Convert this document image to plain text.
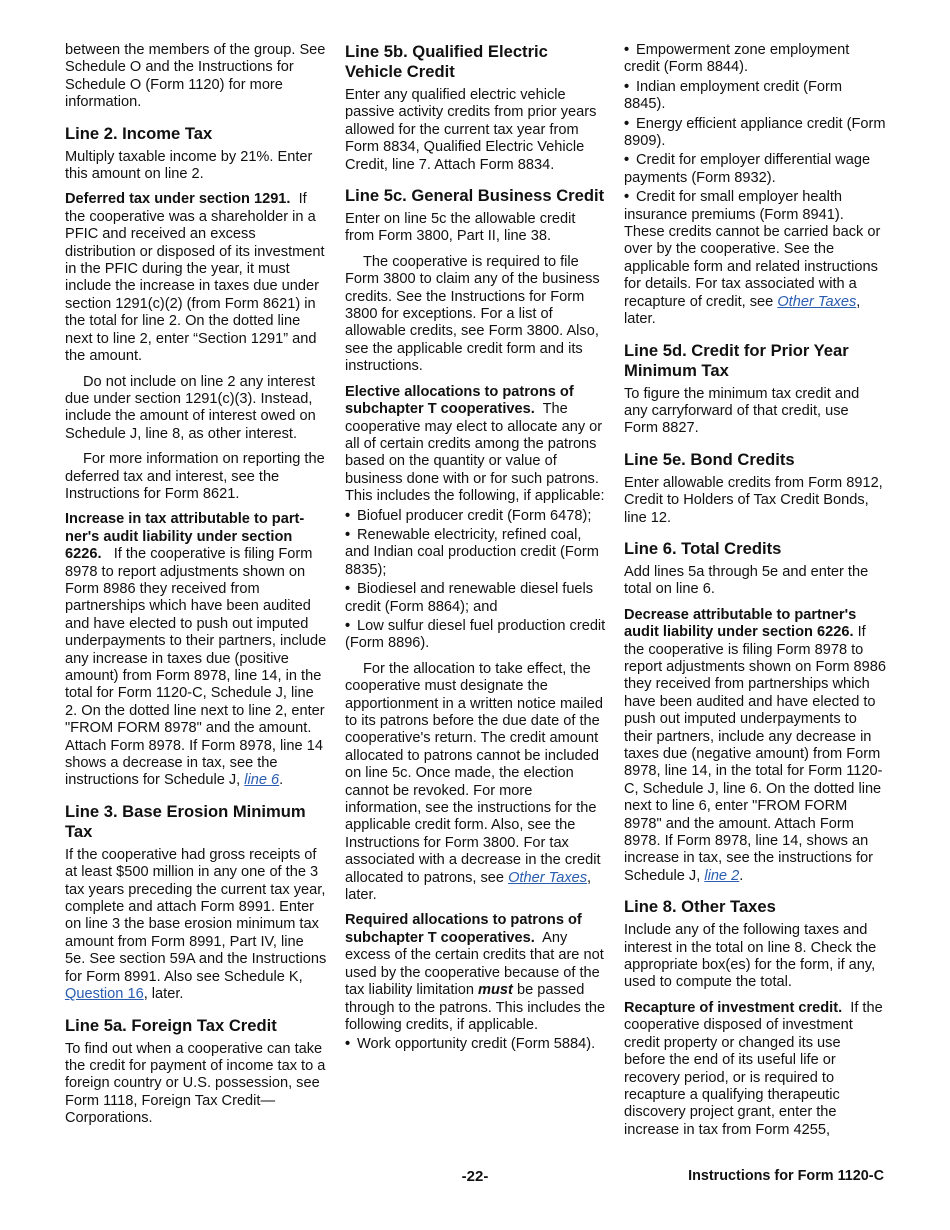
between the members of the group. See Schedule O and the Instructions for Schedule O (Form 1120) for more information.

Line 2. Income Tax

Multiply taxable income by 21%. Enter this amount on line 2.

Deferred tax under section 1291. If the cooperative was a shareholder in a PFIC and received an excess distribution or disposed of its investment in the PFIC during the year, it must include the increase in taxes due under section 1291(c)(2) (from Form 8621) in the total for line 2. On the dotted line next to line 2, enter “Section 1291” and the amount.

Do not include on line 2 any interest due under section 1291(c)(3). Instead, include the amount of interest owed on Schedule J, line 8, as other interest.

For more information on reporting the deferred tax and interest, see the Instructions for Form 8621.

Increase in tax attributable to part-ner's audit liability under section 6226. If the cooperative is filing Form 8978 to report adjustments shown on Form 8986 they received from partnerships which have been audited and have elected to push out imputed underpayments to their partners, include any increase in taxes due (positive amount) from Form 8978, line 14, in the total for Form 1120-C, Schedule J, line 2. On the dotted line next to line 2, enter "FROM FORM 8978" and the amount. Attach Form 8978. If Form 8978, line 14 shows a decrease in tax, see the instructions for Schedule J, line 6.

Line 3. Base Erosion Minimum Tax

If the cooperative had gross receipts of at least $500 million in any one of the 3 tax years preceding the current tax year, complete and attach Form 8991. Enter on line 3 the base erosion minimum tax amount from Form 8991, Part IV, line 5e. See section 59A and the Instructions for Form 8991. Also see Schedule K, Question 16, later.

Line 5a. Foreign Tax Credit

To find out when a cooperative can take the credit for payment of income tax to a foreign country or U.S. possession, see Form 1118, Foreign Tax Credit—Corporations.

Line 5b. Qualified Electric Vehicle Credit

Enter any qualified electric vehicle passive activity credits from prior years allowed for the current tax year from Form 8834, Qualified Electric Vehicle Credit, line 7. Attach Form 8834.

Line 5c. General Business Credit

Enter on line 5c the allowable credit from Form 3800, Part II, line 38.

The cooperative is required to file Form 3800 to claim any of the business credits. See the Instructions for Form 3800 for exceptions. For a list of allowable credits, see Form 3800. Also, see the applicable credit form and its instructions.

Elective allocations to patrons of subchapter T cooperatives. The cooperative may elect to allocate any or all of certain credits among the patrons based on the quantity or value of business done with or for such patrons. This includes the following, if applicable:

• Biofuel producer credit (Form 6478);
• Renewable electricity, refined coal, and Indian coal production credit (Form 8835);
• Biodiesel and renewable diesel fuels credit (Form 8864); and
• Low sulfur diesel fuel production credit (Form 8896).

For the allocation to take effect, the cooperative must designate the apportionment in a written notice mailed to its patrons before the due date of the cooperative's return. The credit amount allocated to patrons cannot be included on line 5c. Once made, the election cannot be revoked. For more information, see the instructions for the applicable credit form. Also, see the Instructions for Form 3800. For tax associated with a decrease in the credit allocated to patrons, see Other Taxes, later.

Required allocations to patrons of subchapter T cooperatives. Any excess of the certain credits that are not used by the cooperative because of the tax liability limitation must be passed through to the patrons. This includes the following credits, if applicable.

• Work opportunity credit (Form 5884).
• Empowerment zone employment credit (Form 8844).
• Indian employment credit (Form 8845).
• Energy efficient appliance credit (Form 8909).
• Credit for employer differential wage payments (Form 8932).
• Credit for small employer health insurance premiums (Form 8941).

These credits cannot be carried back or over by the cooperative. See the applicable form and related instructions for details. For tax associated with a recapture of credit, see Other Taxes, later.

Line 5d. Credit for Prior Year Minimum Tax

To figure the minimum tax credit and any carryforward of that credit, use Form 8827.

Line 5e. Bond Credits

Enter allowable credits from Form 8912, Credit to Holders of Tax Credit Bonds, line 12.

Line 6. Total Credits

Add lines 5a through 5e and enter the total on line 6.

Decrease attributable to partner's audit liability under section 6226. If the cooperative is filing Form 8978 to report adjustments shown on Form 8986 they received from partnerships which have been audited and have elected to push out imputed underpayments to their partners, include any decrease in taxes due (negative amount) from Form 8978, line 14, in the total for Form 1120-C, Schedule J, line 6. On the dotted line next to line 6, enter "FROM FORM 8978" and the amount. Attach Form 8978. If Form 8978, line 14, shows an increase in tax, see the instructions for Schedule J, line 2.

Line 8. Other Taxes

Include any of the following taxes and interest in the total on line 8. Check the appropriate box(es) for the form, if any, used to compute the total.

Recapture of investment credit. If the cooperative disposed of investment credit property or changed its use before the end of its useful life or recovery period, or is required to recapture a qualifying therapeutic discovery project grant, enter the increase in tax from Form 4255,

-22-	Instructions for Form 1120-C
